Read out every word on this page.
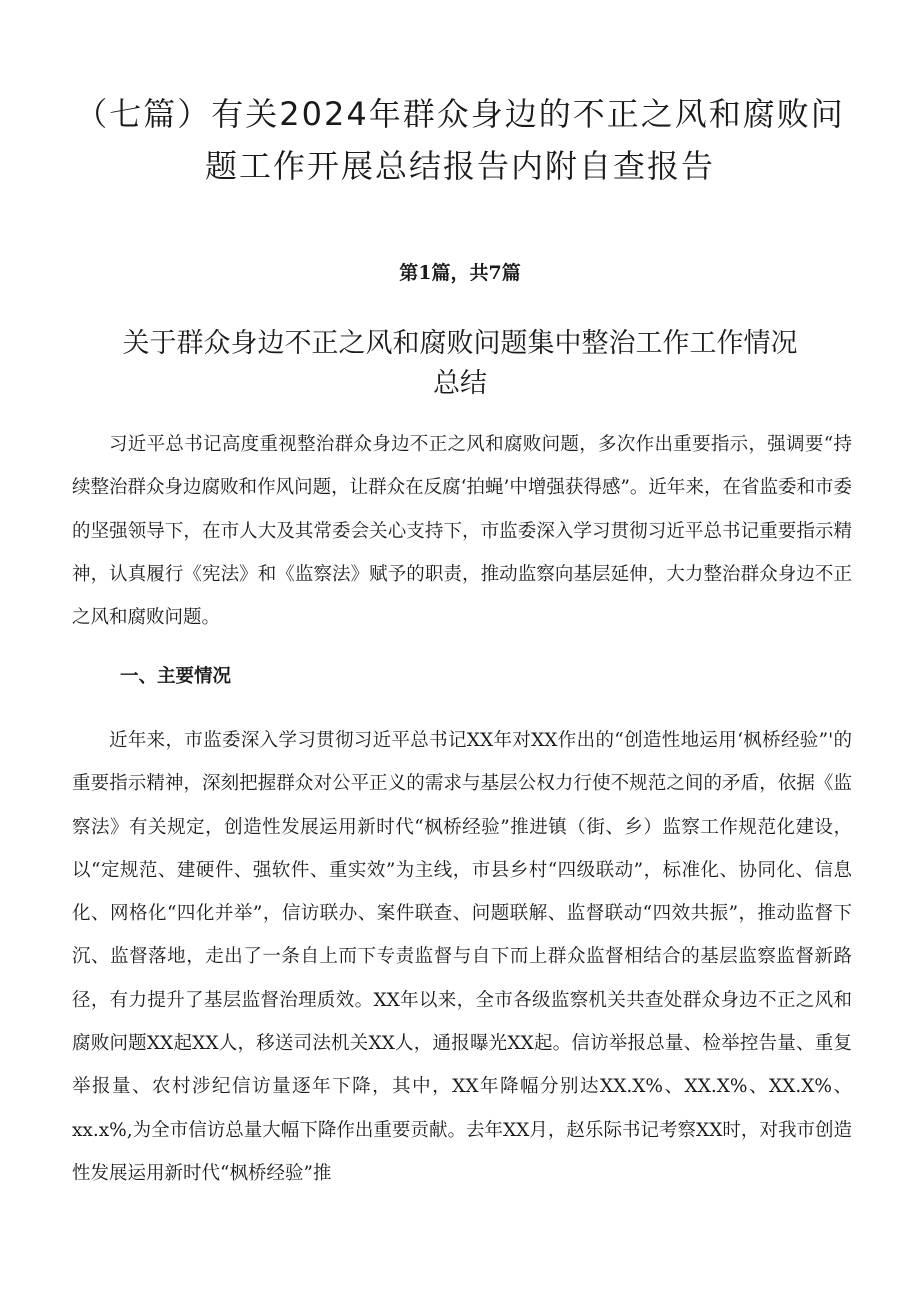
（七篇）有关2024年群众身边的不正之风和腐败问题工作开展总结报告内附自查报告

第1篇，共7篇

关于群众身边不正之风和腐败问题集中整治工作工作情况总结

习近平总书记高度重视整治群众身边不正之风和腐败问题，多次作出重要指示，强调要“持续整治群众身边腐败和作风问题，让群众在反腐‘拍蝇’中增强获得感”。近年来，在省监委和市委的坚强领导下，在市人大及其常委会关心支持下，市监委深入学习贯彻习近平总书记重要指示精神，认真履行《宪法》和《监察法》赋予的职责，推动监察向基层延伸，大力整治群众身边不正之风和腐败问题。

一、主要情况

近年来，市监委深入学习贯彻习近平总书记XX年对XX作出的“创造性地运用‘枫桥经验”'的重要指示精神，深刻把握群众对公平正义的需求与基层公权力行使不规范之间的矛盾，依据《监察法》有关规定，创造性发展运用新时代“枫桥经验”推进镇（街、乡）监察工作规范化建设，以“定规范、建硬件、强软件、重实效”为主线，市县乡村“四级联动”，标准化、协同化、信息化、网格化“四化并举”，信访联办、案件联查、问题联解、监督联动“四效共振”，推动监督下沉、监督落地，走出了一条自上而下专责监督与自下而上群众监督相结合的基层监察监督新路径，有力提升了基层监督治理质效。XX年以来，全市各级监察机关共查处群众身边不正之风和腐败问题XX起XX人，移送司法机关XX人，通报曝光XX起。信访举报总量、检举控告量、重复举报量、农村涉纪信访量逐年下降，其中，XX年降幅分别达XX.X%、XX.X%、XX.X%、xx.x%,为全市信访总量大幅下降作出重要贡献。去年XX月，赵乐际书记考察XX时，对我市创造性发展运用新时代“枫桥经验”推
